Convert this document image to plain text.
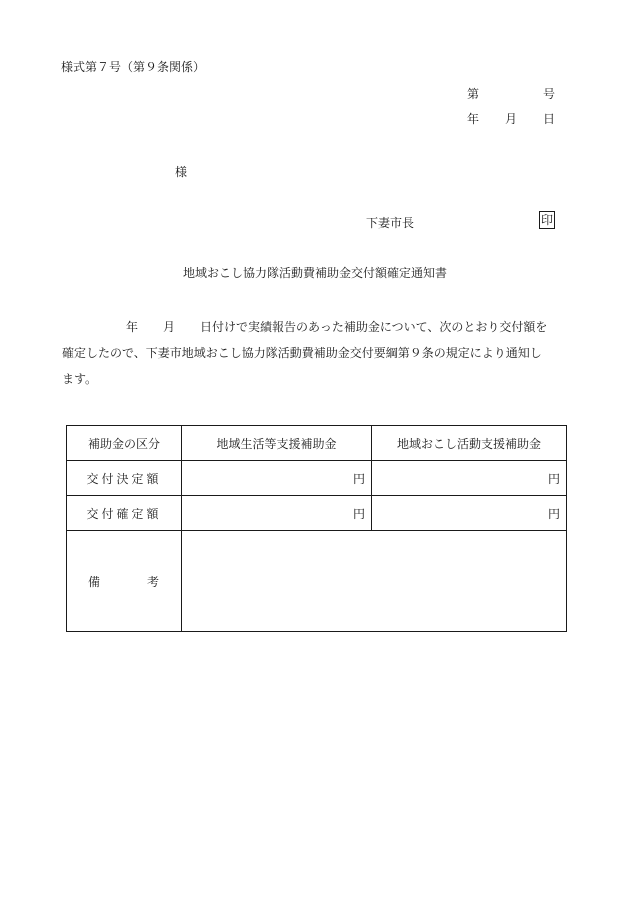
様式第７号（第９条関係）
第	号
年 月 日
様
下妻市長	印
地域おこし協力隊活動費補助金交付額確定通知書
年 月 日付けで実績報告のあった補助金について、次のとおり交付額を
確定したので、下妻市地域おこし協力隊活動費補助金交付要綱第９条の規定により通知し
ます。
補助金の区分	地域生活等支援補助金	地域おこし活動支援補助金
交付決定額	円	円
交付確定額	円	円

備 考		
